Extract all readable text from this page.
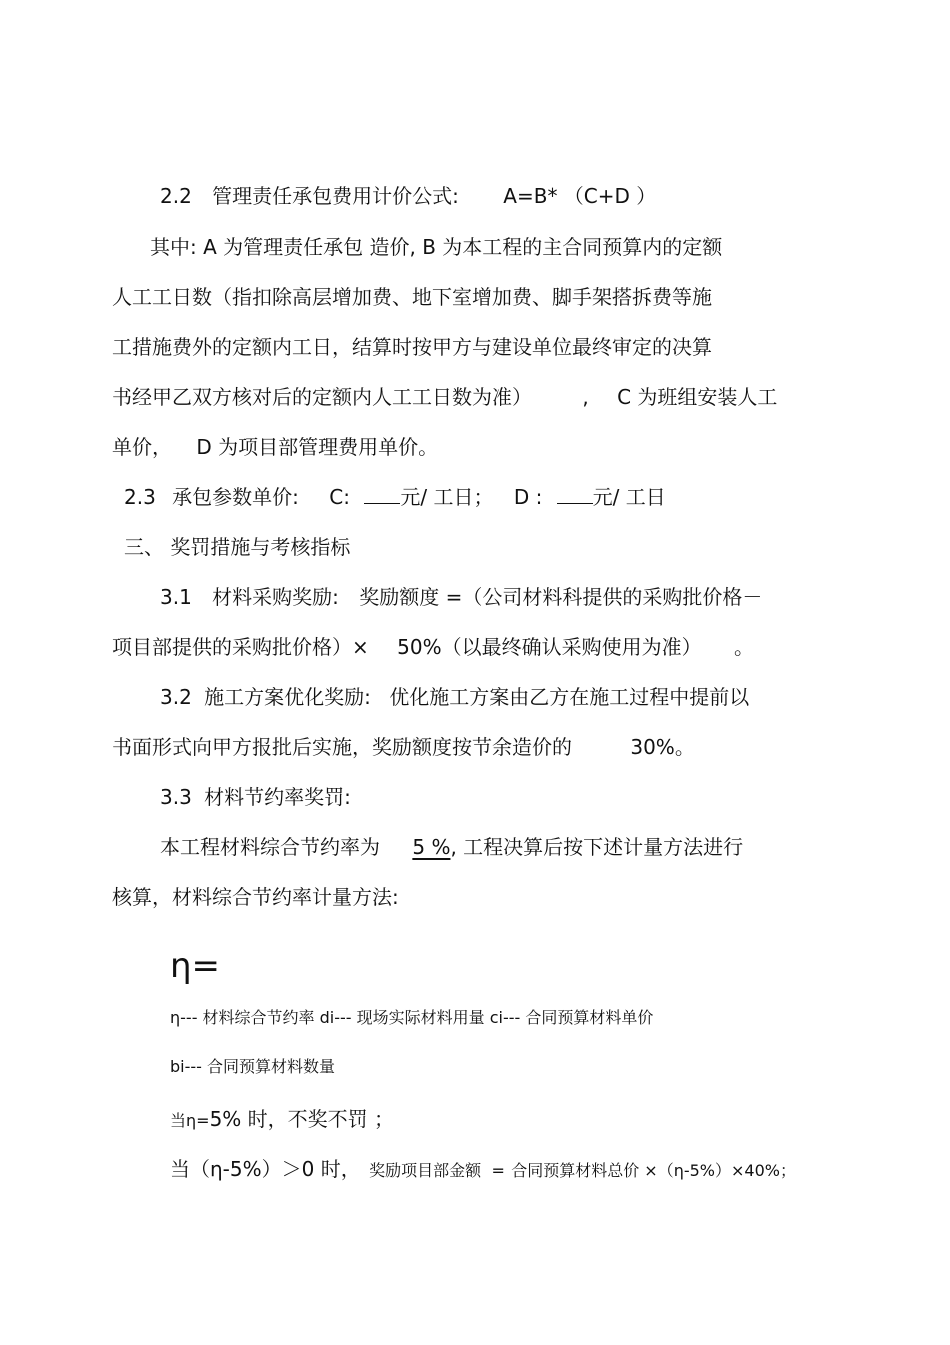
2.2 管理责任承包费用计价公式: A=B* （C+D ）
其中: A 为管理责任承包 造价, B 为本工程的主合同预算内的定额
人工工日数（指扣除高层增加费、地下室增加费、脚手架搭拆费等施
工措施费外的定额内工日，结算时按甲方与建设单位最终审定的决算
书经甲乙双方核对后的定额内人工工日数为准）	, C 为班组安装人工
单价， D 为项目部管理费用单价。
2.3 承包参数单价: C:	元/ 工日； D :	元/ 工日
三、 奖罚措施与考核指标
3.1 材料采购奖励: 奖励额度 =（公司材料科提供的采购批价格－
项目部提供的采购批价格）× 50%（以最终确认采购使用为准） 。
3.2 施工方案优化奖励: 优化施工方案由乙方在施工过程中提前以
书面形式向甲方报批后实施，奖励额度按节余造价的	30%。
3.3 材料节约率奖罚:
本工程材料综合节约率为 5 %, 工程决算后按下述计量方法进行
核算，材料综合节约率计量方法:
η=
η--- 材料综合节约率 di--- 现场实际材料用量 ci--- 合同预算材料单价
bi--- 合同预算材料数量
当η=5% 时，不奖不罚 ；
当（η-5%）＞0 时， 奖励项目部金额 = 合同预算材料总价 ×（η-5%）×40%；
